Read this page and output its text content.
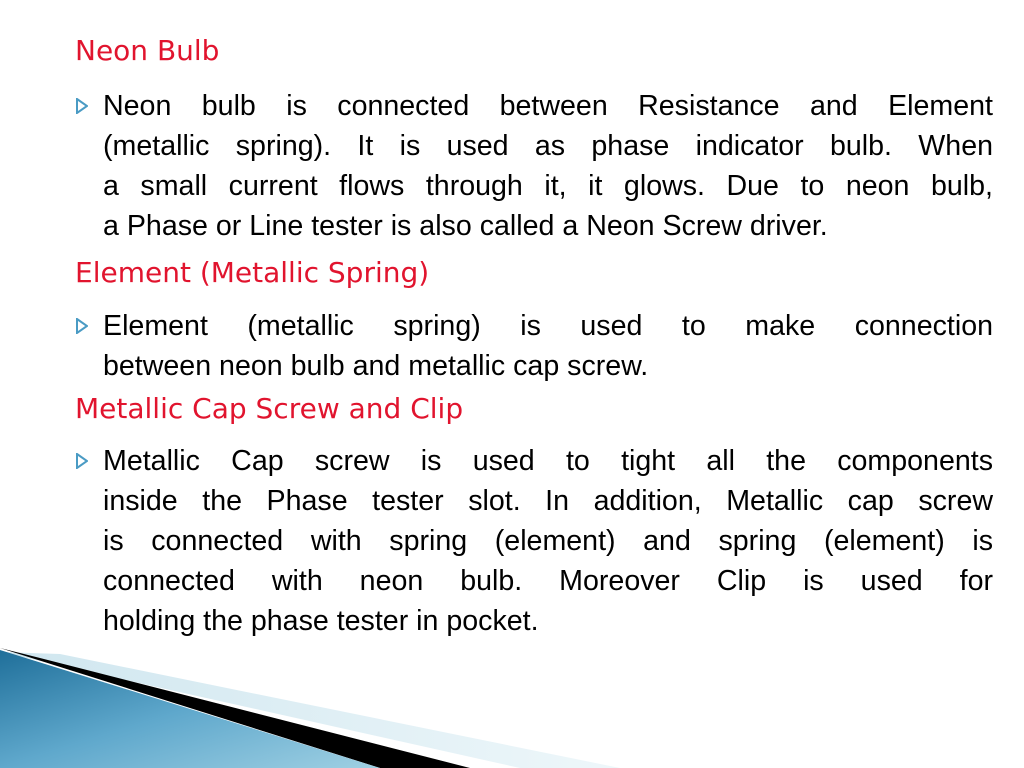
Neon Bulb
Neon bulb is connected between Resistance and Element
(metallic spring). It is used as phase indicator bulb. When
a small current flows through it, it glows. Due to neon bulb,
a Phase or Line tester is also called a Neon Screw driver.
Element (Metallic Spring)
Element (metallic spring) is used to make connection
between neon bulb and metallic cap screw.
Metallic Cap Screw and Clip
Metallic Cap screw is used to tight all the components
inside the Phase tester slot. In addition, Metallic cap screw
is connected with spring (element) and spring (element) is
connected with neon bulb. Moreover Clip is used for
holding the phase tester in pocket.
